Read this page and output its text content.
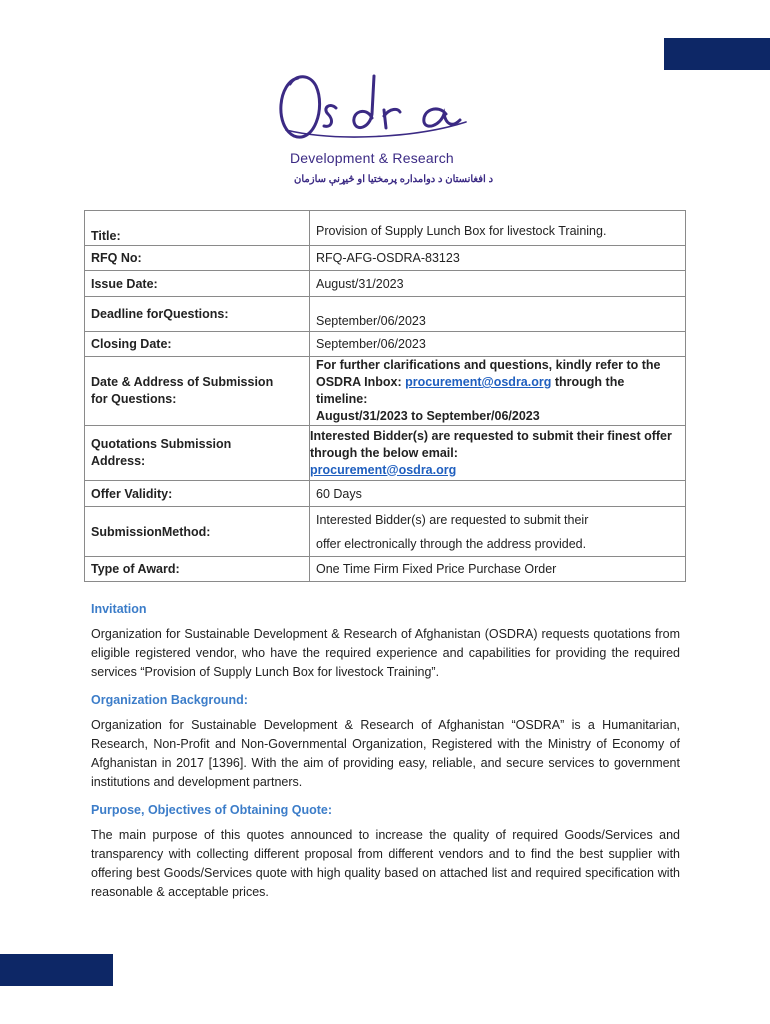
Development & Research
د افغانستان د دوامداره پرمختیا او څیړنې سازمان
Title:	Provision of Supply Lunch Box for livestock Training.
RFQ No:	RFQ-AFG-OSDRA-83123
Issue Date:	August/31/2023
Deadline forQuestions:	September/06/2023
Closing Date:	September/06/2023
Date & Address of Submission
for Questions:	For further clarifications and questions, kindly refer to the
OSDRA Inbox: procurement@osdra.org through the timeline:
August/31/2023 to September/06/2023
Quotations Submission
Address:	Interested Bidder(s) are requested to submit their finest offer
through the below email:
procurement@osdra.org
Offer Validity:	60 Days
SubmissionMethod:	Interested Bidder(s) are requested to submit their
offer electronically through the address provided.
Type of Award:	One Time Firm Fixed Price Purchase Order
Invitation

Organization for Sustainable Development & Research of Afghanistan (OSDRA) requests quotations from eligible registered vendor, who have the required experience and capabilities for providing the required services “Provision of Supply Lunch Box for livestock Training”.

Organization Background:

Organization for Sustainable Development & Research of Afghanistan “OSDRA” is a Humanitarian, Research, Non-Profit and Non-Governmental Organization, Registered with the Ministry of Economy of Afghanistan in 2017 [1396]. With the aim of providing easy, reliable, and secure services to government institutions and development partners.

Purpose, Objectives of Obtaining Quote:

The main purpose of this quotes announced to increase the quality of required Goods/Services and transparency with collecting different proposal from different vendors and to find the best supplier with offering best Goods/Services quote with high quality based on attached list and required specification with reasonable & acceptable prices.
